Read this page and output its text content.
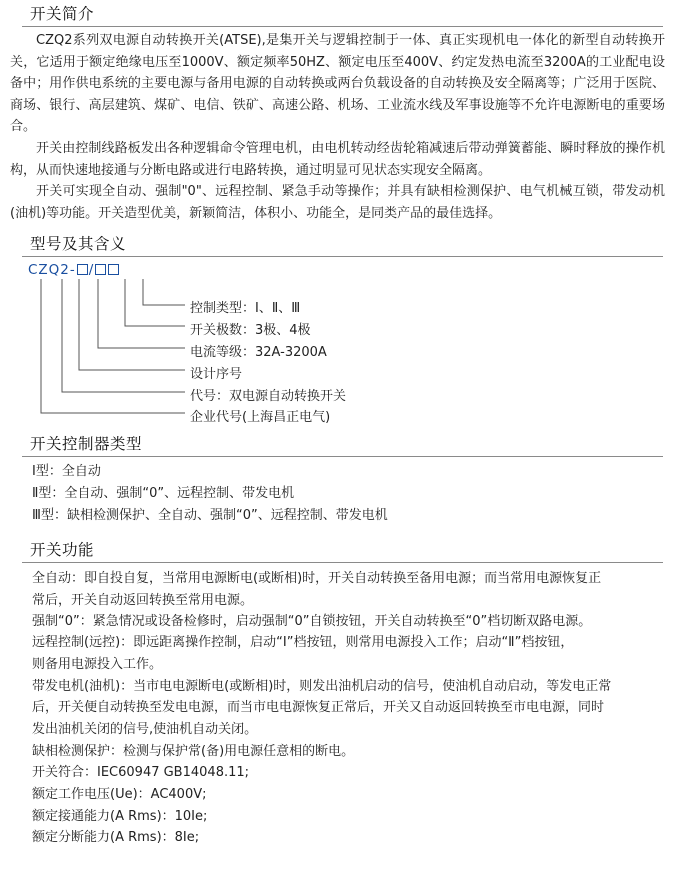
开关简介
CZQ2系列双电源自动转换开关(ATSE),是集开关与逻辑控制于一体、真正实现机电一体化的新型自动转换开关，它适用于额定绝缘电压至1000V、额定频率50HZ、额定电压至400V、约定发热电流至3200A的工业配电设备中；用作供电系统的主要电源与备用电源的自动转换或两台负载设备的自动转换及安全隔离等；广泛用于医院、商场、银行、高层建筑、煤矿、电信、铁矿、高速公路、机场、工业流水线及军事设施等不允许电源断电的重要场合。
开关由控制线路板发出各种逻辑命令管理电机，由电机转动经齿轮箱减速后带动弹簧蓄能、瞬时释放的操作机构，从而快速地接通与分断电路或进行电路转换，通过明显可见状态实现安全隔离。
开关可实现全自动、强制"0"、远程控制、紧急手动等操作；并具有缺相检测保护、电气机械互锁，带发动机(油机)等功能。开关造型优美，新颖简洁，体积小、功能全，是同类产品的最佳选择。
型号及其含义
CZQ2- /
控制类型：Ⅰ、Ⅱ、Ⅲ
开关极数：3极、4极
电流等级：32A-3200A
设计序号
代号：双电源自动转换开关
企业代号(上海昌正电气)
开关控制器类型
Ⅰ型：全自动
Ⅱ型：全自动、强制“0”、远程控制、带发电机
Ⅲ型：缺相检测保护、全自动、强制“0”、远程控制、带发电机
开关功能
全自动：即自投自复，当常用电源断电(或断相)时，开关自动转换至备用电源；而当常用电源恢复正
常后，开关自动返回转换至常用电源。
强制“0”：紧急情况或设备检修时，启动强制“0”自锁按钮，开关自动转换至“0”档切断双路电源。
远程控制(远控)：即远距离操作控制，启动“Ⅰ”档按钮，则常用电源投入工作；启动“Ⅱ”档按钮，
则备用电源投入工作。
带发电机(油机)：当市电电源断电(或断相)时，则发出油机启动的信号，使油机自动启动，等发电正常
后，开关便自动转换至发电电源，而当市电电源恢复正常后，开关又自动返回转换至市电电源，同时
发出油机关闭的信号,使油机自动关闭。
缺相检测保护：检测与保护常(备)用电源任意相的断电。
开关符合：IEC60947 GB14048.11;
额定工作电压(Ue)：AC400V;
额定接通能力(A Rms)：10Ie;
额定分断能力(A Rms)：8Ie;
